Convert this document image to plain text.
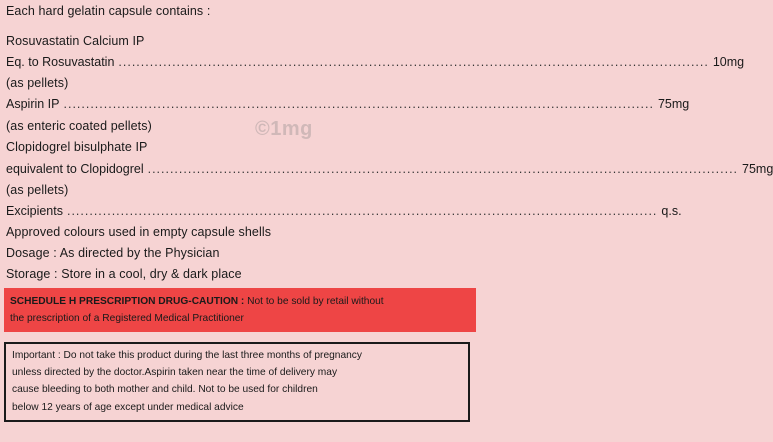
Each hard gelatin capsule contains :
Rosuvastatin Calcium IP
Eq. to Rosuvastatin .................................................................................................................................... 10mg
(as pellets)
Aspirin IP .................................................................................................................................... 75mg
(as enteric coated pellets)	©1mg
Clopidogrel bisulphate IP
equivalent to Clopidogrel .................................................................................................................................... 75mg
(as pellets)
Excipients .................................................................................................................................... q.s.
Approved colours used in empty capsule shells
Dosage : As directed by the Physician
Storage : Store in a cool, dry & dark place
SCHEDULE H PRESCRIPTION DRUG-CAUTION : Not to be sold by retail without
the prescription of a Registered Medical Practitioner
Important : Do not take this product during the last three months of pregnancy
unless directed by the doctor.Aspirin taken near the time of delivery may
cause bleeding to both mother and child. Not to be used for children
below 12 years of age except under medical advice
